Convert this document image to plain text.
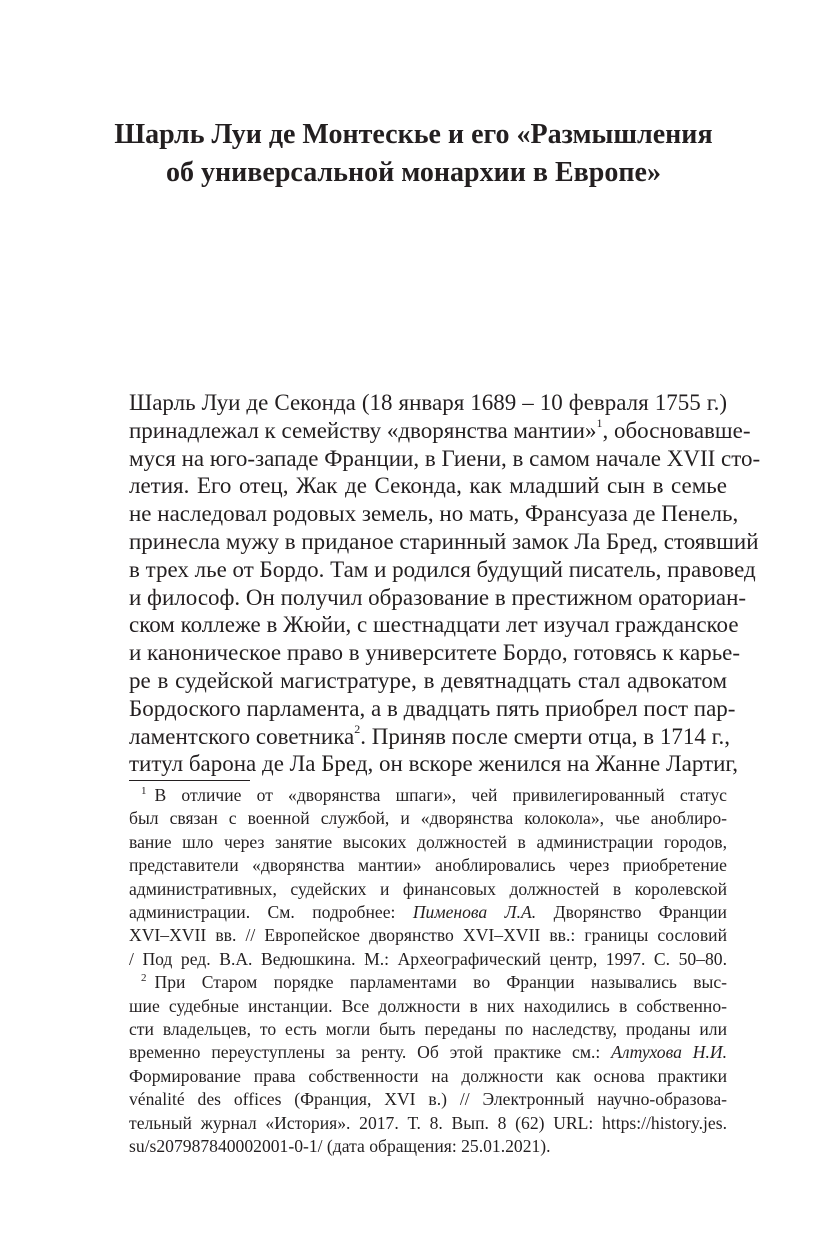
Шарль Луи де Монтескье и его «Размышления
об универсальной монархии в Европе»
Шарль Луи де Секонда (18 января 1689 – 10 февраля 1755 г.)
принадлежал к семейству «дворянства мантии»$^1$, обосновавше-
муся на юго-западе Франции, в Гиени, в самом начале XVII сто-
летия. Его отец, Жак де Секонда, как младший сын в семье
не наследовал родовых земель, но мать, Франсуаза де Пенель,
принесла мужу в приданое старинный замок Ла Бред, стоявший
в трех лье от Бордо. Там и родился будущий писатель, правовед
и философ. Он получил образование в престижном ораториан-
ском коллеже в Жюйи, с шестнадцати лет изучал гражданское
и каноническое право в университете Бордо, готовясь к карье-
ре в судейской магистратуре, в девятнадцать стал адвокатом
Бордоского парламента, а в двадцать пять приобрел пост пар-
ламентского советника$^2$. Приняв после смерти отца, в 1714 г.,
титул барона де Ла Бред, он вскоре женился на Жанне Лартиг,
$^1$ В отличие от «дворянства шпаги», чей привилегированный статус
был связан с военной службой, и «дворянства колокола», чье аноблиро-
вание шло через занятие высоких должностей в администрации городов,
представители «дворянства мантии» аноблировались через приобретение
административных, судейских и финансовых должностей в королевской
администрации. См. подробнее: Пименова Л.А. Дворянство Франции
XVI–XVII вв. // Европейское дворянство XVI–XVII вв.: границы сословий
/ Под ред. В.А. Ведюшкина. М.: Археографический центр, 1997. С. 50–80.
$^2$ При Старом порядке парламентами во Франции назывались выс-
шие судебные инстанции. Все должности в них находились в собственно-
сти владельцев, то есть могли быть переданы по наследству, проданы или
временно переуступлены за ренту. Об этой практике см.: Алтухова Н.И.
Формирование права собственности на должности как основа практики
vénalité des offices (Франция, XVI в.) // Электронный научно-образова-
тельный журнал «История». 2017. Т. 8. Вып. 8 (62) URL: https://history.jes.
su/s207987840002001-0-1/ (дата обращения: 25.01.2021).
